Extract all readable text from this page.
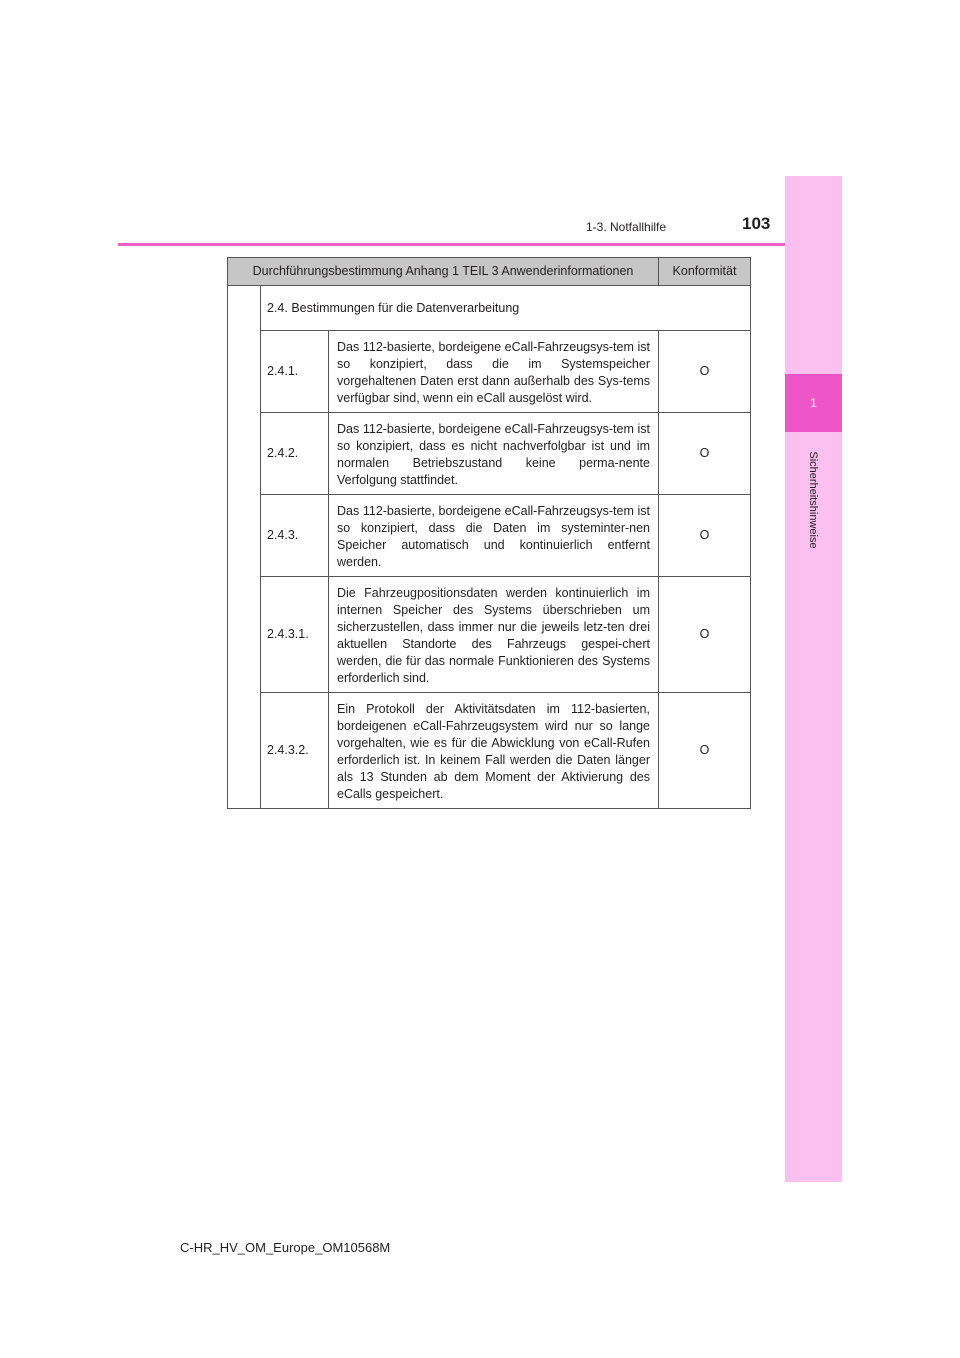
1
Sicherheitshinweise
1-3. Notfallhilfe	103
Durchführungsbestimmung Anhang 1 TEIL 3 Anwenderinformationen			Konformität
	2.4. Bestimmungen für die Datenverarbeitung		
	2.4.1.	Das 112-basierte, bordeigene eCall-Fahrzeugsys-tem ist so konzipiert, dass die im Systemspeicher vorgehaltenen Daten erst dann außerhalb des Sys-tems verfügbar sind, wenn ein eCall ausgelöst wird.	O
	2.4.2.	Das 112-basierte, bordeigene eCall-Fahrzeugsys-tem ist so konzipiert, dass es nicht nachverfolgbar ist und im normalen Betriebszustand keine perma-nente Verfolgung stattfindet.	O
	2.4.3.	Das 112-basierte, bordeigene eCall-Fahrzeugsys-tem ist so konzipiert, dass die Daten im systeminter-nen Speicher automatisch und kontinuierlich entfernt werden.	O
	2.4.3.1.	Die Fahrzeugpositionsdaten werden kontinuierlich im internen Speicher des Systems überschrieben um sicherzustellen, dass immer nur die jeweils letz-ten drei aktuellen Standorte des Fahrzeugs gespei-chert werden, die für das normale Funktionieren des Systems erforderlich sind.	O
	2.4.3.2.	Ein Protokoll der Aktivitätsdaten im 112-basierten, bordeigenen eCall-Fahrzeugsystem wird nur so lange vorgehalten, wie es für die Abwicklung von eCall-Rufen erforderlich ist. In keinem Fall werden die Daten länger als 13 Stunden ab dem Moment der Aktivierung des eCalls gespeichert.	O
C-HR_HV_OM_Europe_OM10568M
